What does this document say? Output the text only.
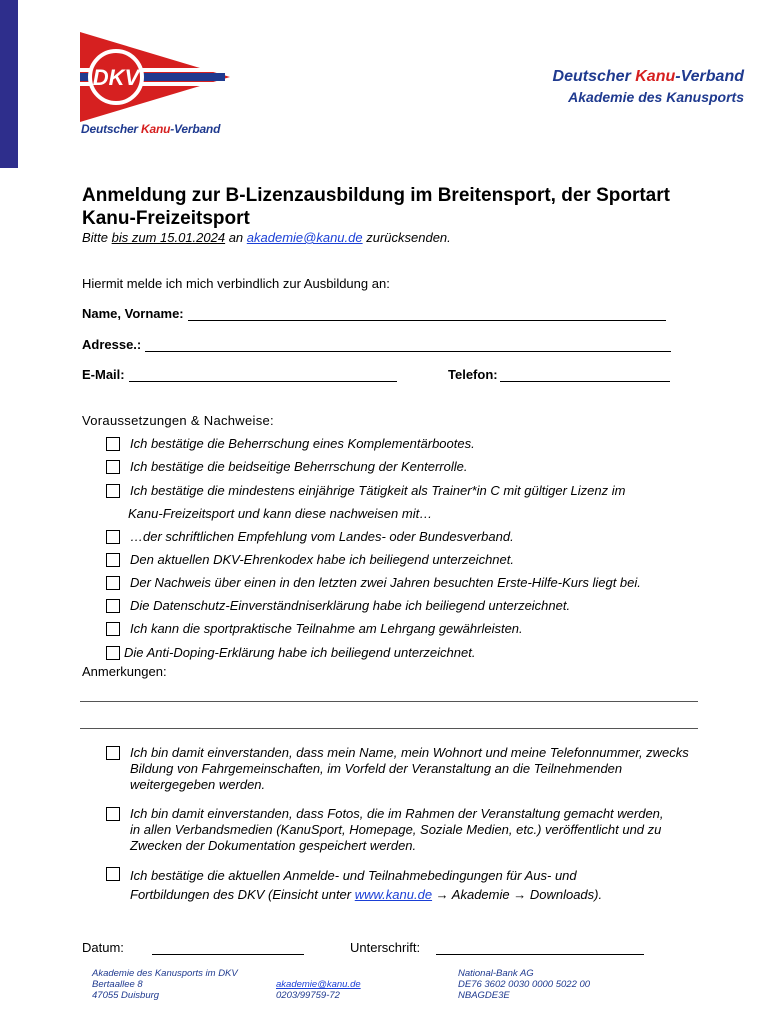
DKV
Deutscher Kanu-Verband
Deutscher Kanu-Verband
Akademie des Kanusports
Anmeldung zur B-Lizenzausbildung im Breitensport, der Sportart Kanu-Freizeitsport
Bitte bis zum 15.01.2024 an akademie@kanu.de zurücksenden.
Hiermit melde ich mich verbindlich zur Ausbildung an:
Name, Vorname:
Adresse.:
E-Mail:	Telefon:
Voraussetzungen & Nachweise:
Ich bestätige die Beherrschung eines Komplementärbootes.
Ich bestätige die beidseitige Beherrschung der Kenterrolle.
Ich bestätige die mindestens einjährige Tätigkeit als Trainer*in C mit gültiger Lizenz im
Kanu-Freizeitsport und kann diese nachweisen mit…
…der schriftlichen Empfehlung vom Landes- oder Bundesverband.
Den aktuellen DKV-Ehrenkodex habe ich beiliegend unterzeichnet.
Der Nachweis über einen in den letzten zwei Jahren besuchten Erste-Hilfe-Kurs liegt bei.
Die Datenschutz-Einverständniserklärung habe ich beiliegend unterzeichnet.
Ich kann die sportpraktische Teilnahme am Lehrgang gewährleisten.
Die Anti-Doping-Erklärung habe ich beiliegend unterzeichnet.
Anmerkungen:
Ich bin damit einverstanden, dass mein Name, mein Wohnort und meine Telefonnummer, zwecks Bildung von Fahrgemeinschaften, im Vorfeld der Veranstaltung an die Teilnehmenden weitergegeben werden.
Ich bin damit einverstanden, dass Fotos, die im Rahmen der Veranstaltung gemacht werden, in allen Verbandsmedien (KanuSport, Homepage, Soziale Medien, etc.) veröffentlicht und zu Zwecken der Dokumentation gespeichert werden.
Ich bestätige die aktuellen Anmelde- und Teilnahmebedingungen für Aus- und
Fortbildungen des DKV (Einsicht unter www.kanu.de → Akademie → Downloads).
Datum:	Unterschrift:
Akademie des Kanusports im DKV
Bertaallee 8
47055 Duisburg
akademie@kanu.de
0203/99759-72
National-Bank AG
DE76 3602 0030 0000 5022 00
NBAGDE3E
